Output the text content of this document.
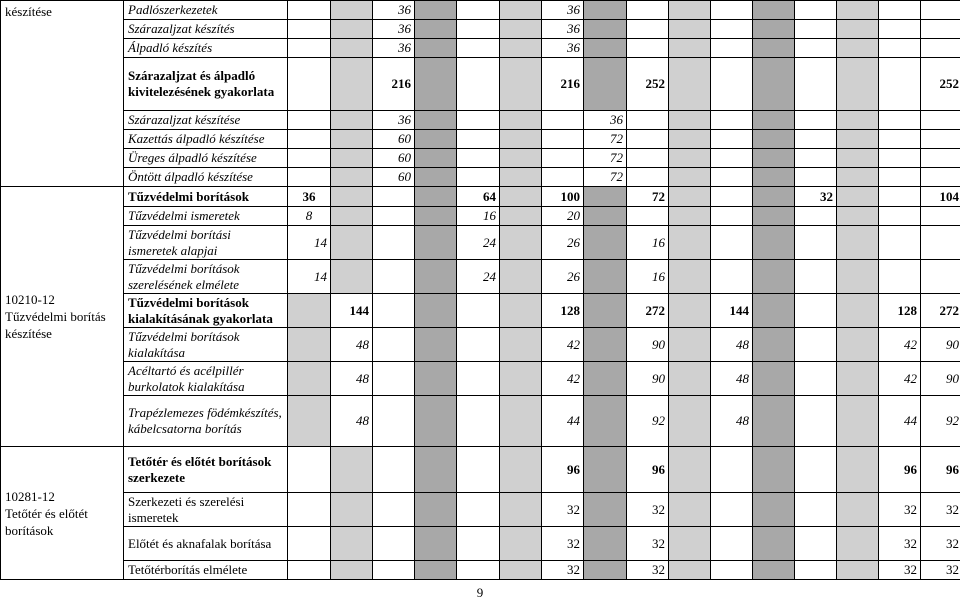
készítése	Padlószerkezetek			36				36									
	Szárazaljzat készítés			36				36									
	Álpadló készítés			36				36									
	Szárazaljzat és álpadló kivitelezésének gyakorlata			216				216		252							252
	Szárazaljzat készítése			36					36								
	Kazettás álpadló készítése			60					72								
	Üreges álpadló készítése			60					72								
	Öntött álpadló készítése			60					72								

10210-12
Tűzvédelmi borítás készítése	Tűzvédelmi borítások	36				64		100		72				32			104
	Tűzvédelmi ismeretek	8				16		20									
	Tűzvédelmi borítási ismeretek alapjai	14				24		26		16							
	Tűzvédelmi borítások szerelésének elmélete	14				24		26		16							
	Tűzvédelmi borítások kialakításának gyakorlata		144					128		272		144				128	272
	Tűzvédelmi borítások kialakítása		48					42		90		48				42	90
	Acéltartó és acélpillér burkolatok kialakítása		48					42		90		48				42	90
	Trapézlemezes födémkészítés, kábelcsatorna borítás		48					44		92		48				44	92

10281-12
Tetőtér és előtét borítások	Tetőtér és előtét borítások szerkezete							96		96						96	96
	Szerkezeti és szerelési ismeretek							32		32						32	32
	Előtét és aknafalak borítása							32		32						32	32
	Tetőtérborítás elmélete							32		32						32	32
9
